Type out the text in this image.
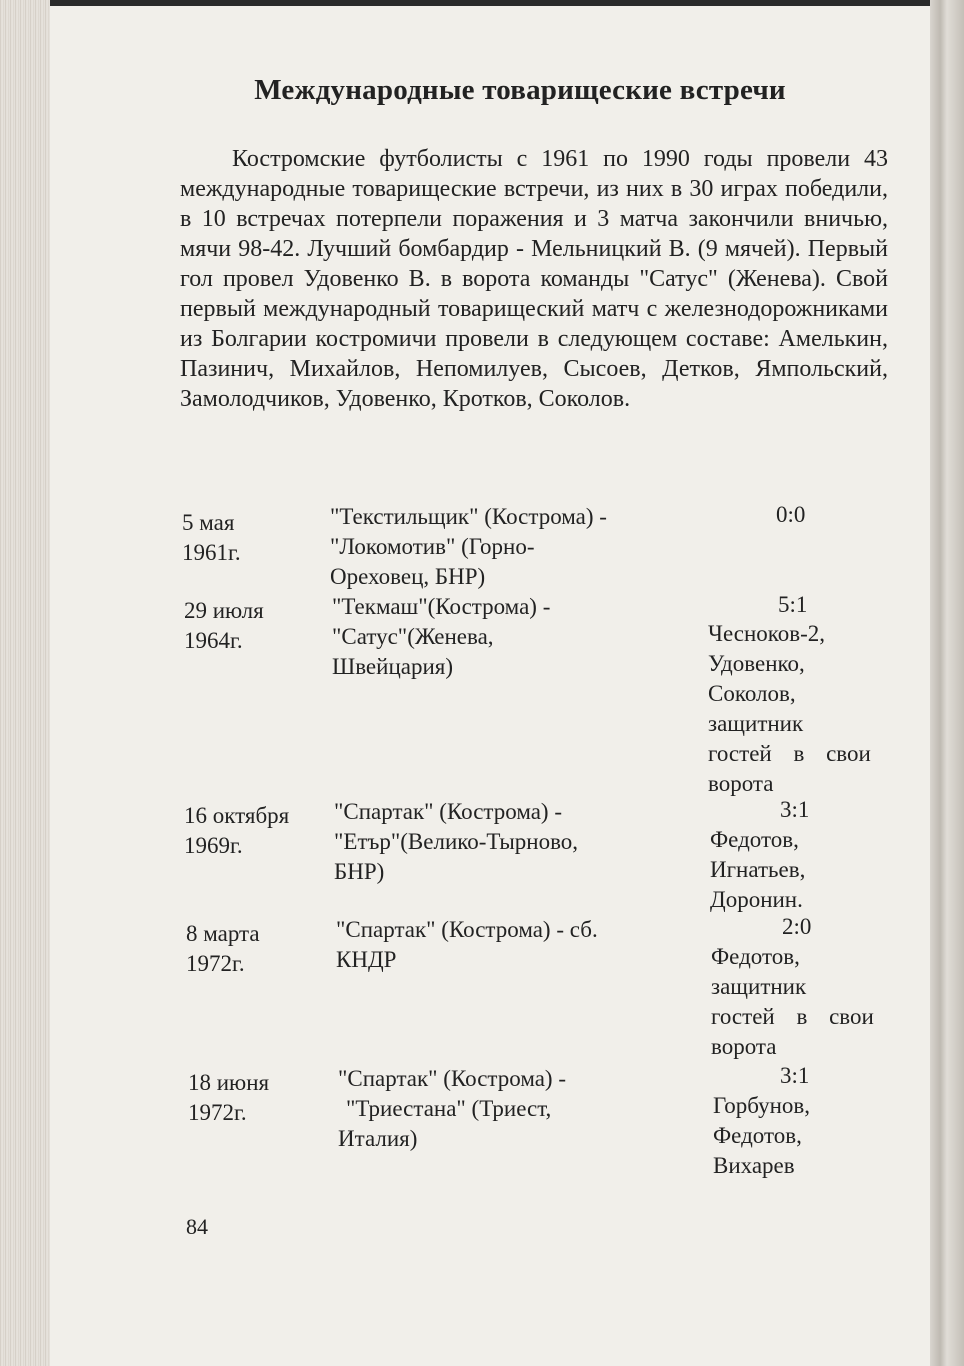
Международные товарищеские встречи
Костромские футболисты с 1961 по 1990 годы провели 43 международные товарищеские встречи, из них в 30 играх победили, в 10 встречах потерпели поражения и 3 матча закончили вничью, мячи 98-42. Лучший бомбардир - Мельницкий В. (9 мячей). Первый гол провел Удовенко В. в ворота команды "Сатус" (Женева). Свой первый международный товарищеский матч с железнодорожниками из Болгарии костромичи провели в следующем составе: Амелькин, Пазинич, Михайлов, Непомилуев, Сысоев, Детков, Ямпольский, Замолодчиков, Удовенко, Кротков, Соколов.
5 мая
1961г.
"Текстильщик" (Кострома) -
"Локомотив" (Горно-
Ореховец, БНР)
0:0
29 июля
1964г.
"Текмаш"(Кострома) -
"Сатус"(Женева,
Швейцария)
5:1
Чесноков-2,
Удовенко,
Соколов,
защитник
гостей в свои
ворота
16 октября
1969г.
"Спартак" (Кострома) -
"Етър"(Велико-Тырново,
БНР)
3:1
Федотов,
Игнатьев,
Доронин.
8 марта
1972г.
"Спартак" (Кострома) - сб.
КНДР
2:0
Федотов,
защитник
гостей в свои
ворота
18 июня
1972г.
"Спартак" (Кострома) -
"Триестана" (Триест,
Италия)
3:1
Горбунов,
Федотов,
Вихарев
84
